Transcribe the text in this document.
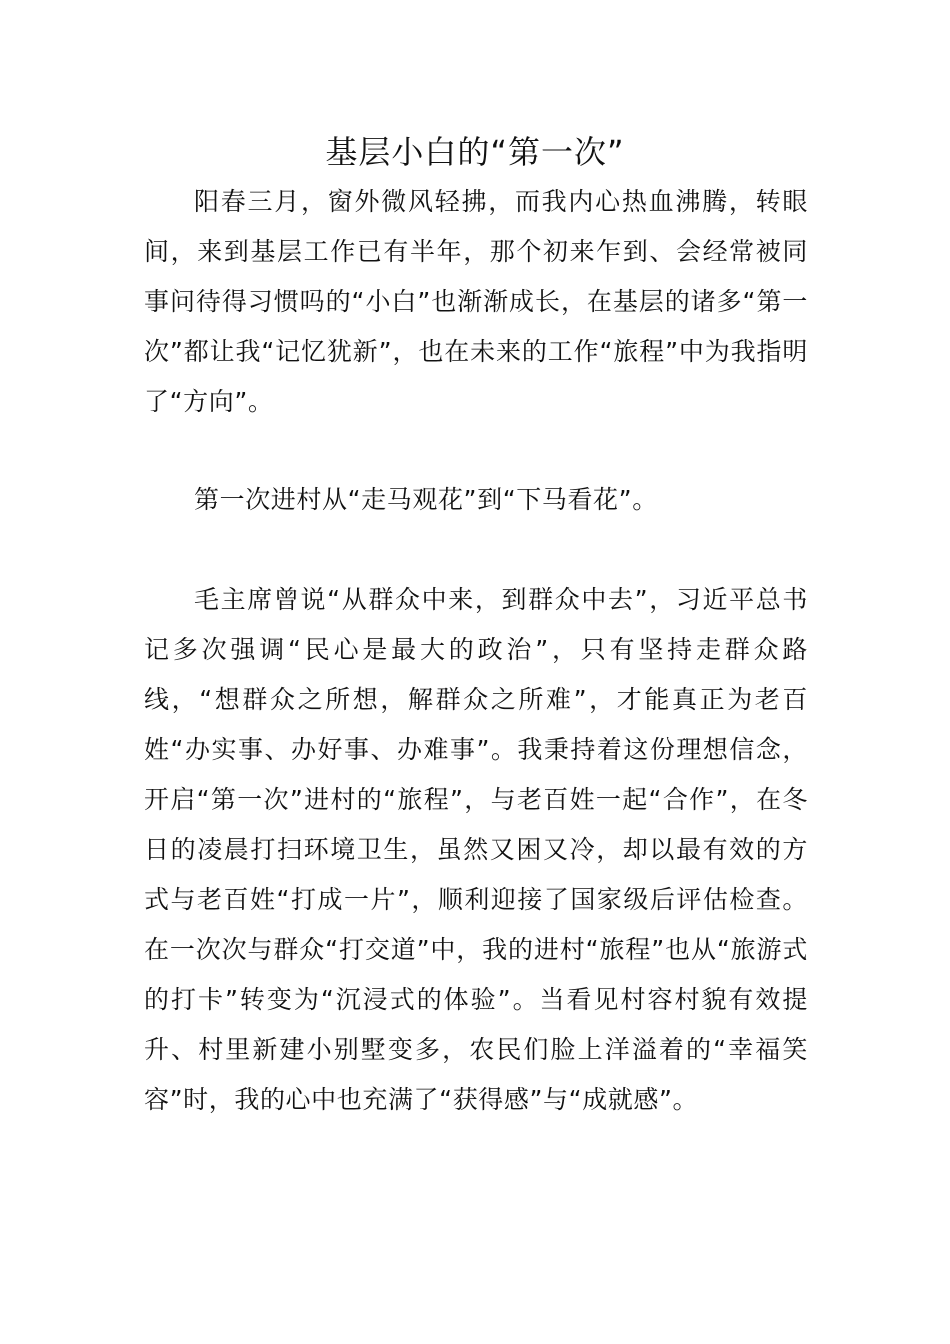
基层小白的“第一次”

阳春三月，窗外微风轻拂，而我内心热血沸腾，转眼间，来到基层工作已有半年，那个初来乍到、会经常被同事问待得习惯吗的“小白”也渐渐成长，在基层的诸多“第一次”都让我“记忆犹新”，也在未来的工作“旅程”中为我指明了“方向”。

第一次进村从“走马观花”到“下马看花”。

毛主席曾说“从群众中来，到群众中去”，习近平总书记多次强调“民心是最大的政治”，只有坚持走群众路线，“想群众之所想，解群众之所难”，才能真正为老百姓“办实事、办好事、办难事”。我秉持着这份理想信念，开启“第一次”进村的“旅程”，与老百姓一起“合作”，在冬日的凌晨打扫环境卫生，虽然又困又冷，却以最有效的方式与老百姓“打成一片”，顺利迎接了国家级后评估检查。在一次次与群众“打交道”中，我的进村“旅程”也从“旅游式的打卡”转变为“沉浸式的体验”。当看见村容村貌有效提升、村里新建小别墅变多，农民们脸上洋溢着的“幸福笑容”时，我的心中也充满了“获得感”与“成就感”。
